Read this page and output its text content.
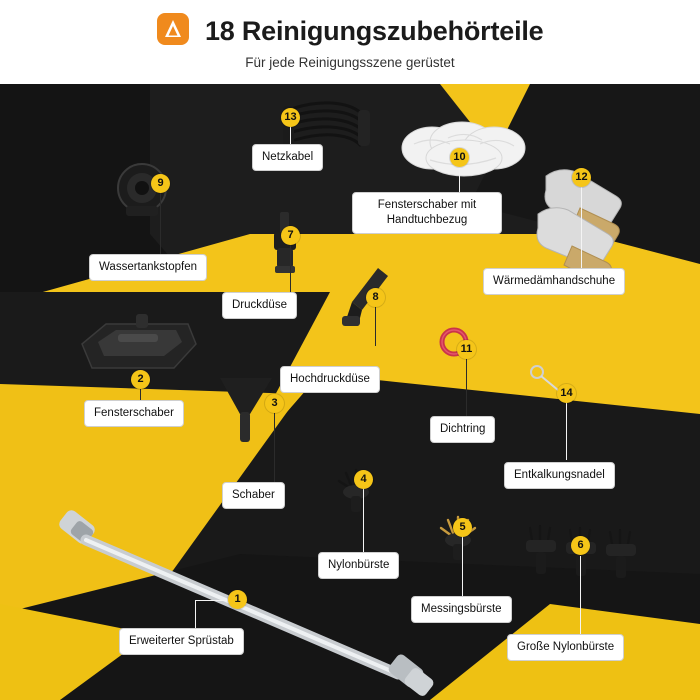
18 Reinigungszubehörteile
Für jede Reinigungsszene gerüstet
13
10
12
9
7
8
11
14
2
3
4
5
6
1
Netzkabel
Fensterschaber mit Handtuchbezug
Wärmedämhandschuhe
Wassertankstopfen
Druckdüse
Hochdruckdüse
Dichtring
Entkalkungsnadel
Fensterschaber
Schaber
Nylonbürste
Messingsbürste
Große Nylonbürste
Erweiterter Sprüstab
